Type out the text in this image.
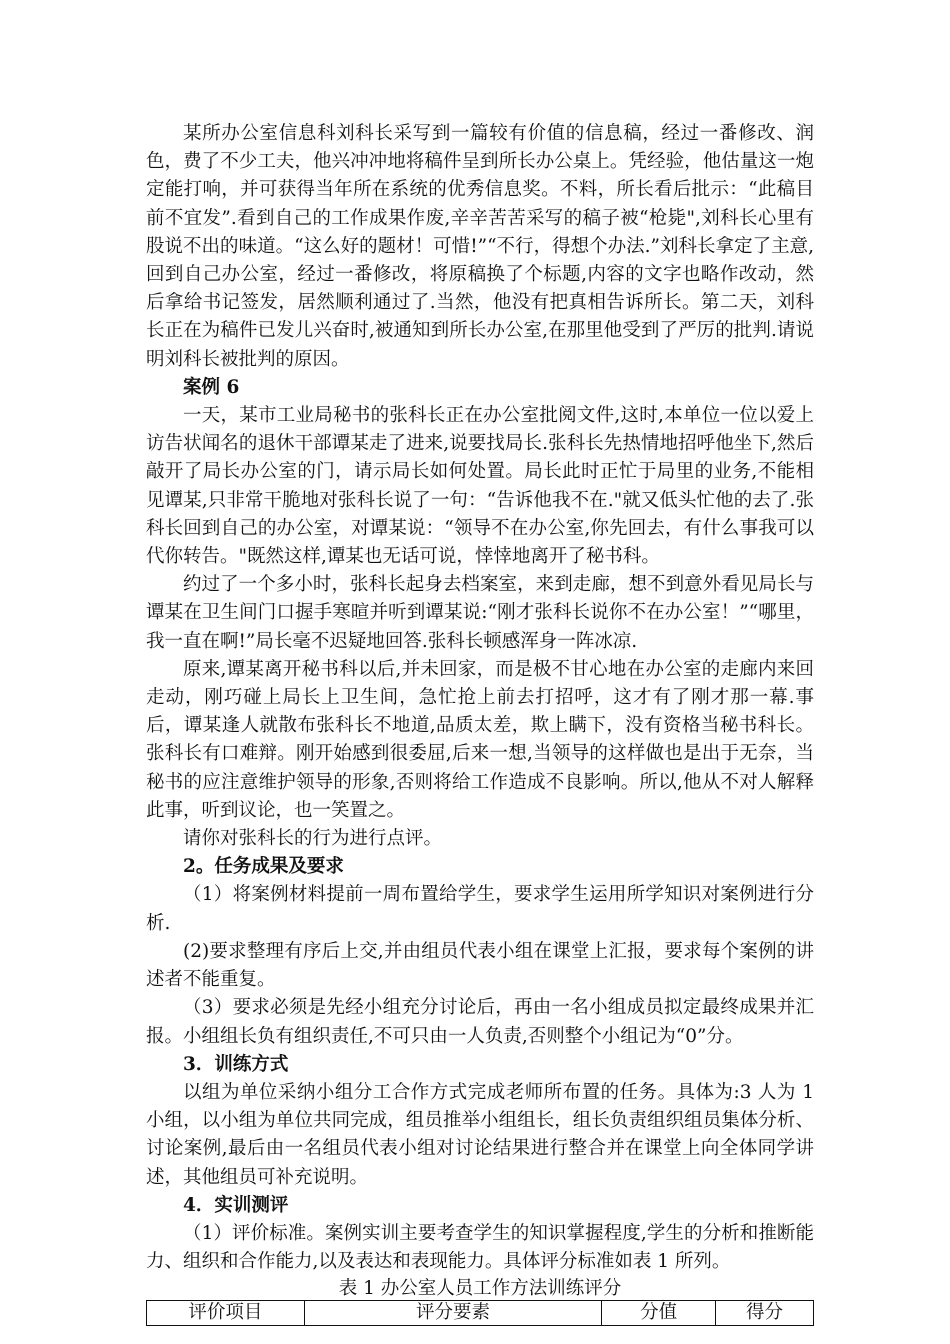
某所办公室信息科刘科长采写到一篇较有价值的信息稿，经过一番修改、润色，费了不少工夫，他兴冲冲地将稿件呈到所长办公桌上。凭经验，他估量这一炮定能打响，并可获得当年所在系统的优秀信息奖。不料，所长看后批示：“此稿目前不宜发”.看到自己的工作成果作废,辛辛苦苦采写的稿子被“枪毙",刘科长心里有股说不出的味道。“这么好的题材！可惜!”“不行，得想个办法.”刘科长拿定了主意,回到自己办公室，经过一番修改，将原稿换了个标题,内容的文字也略作改动，然后拿给书记签发，居然顺利通过了.当然，他没有把真相告诉所长。第二天，刘科长正在为稿件已发儿兴奋时,被通知到所长办公室,在那里他受到了严厉的批判.请说明刘科长被批判的原因。

案例 6

一天，某市工业局秘书的张科长正在办公室批阅文件,这时,本单位一位以爱上访告状闻名的退休干部谭某走了进来,说要找局长.张科长先热情地招呼他坐下,然后敲开了局长办公室的门，请示局长如何处置。局长此时正忙于局里的业务,不能相见谭某,只非常干脆地对张科长说了一句：“告诉他我不在."就又低头忙他的去了.张科长回到自己的办公室，对谭某说：“领导不在办公室,你先回去，有什么事我可以代你转告。"既然这样,谭某也无话可说，悻悻地离开了秘书科。

约过了一个多小时，张科长起身去档案室，来到走廊，想不到意外看见局长与谭某在卫生间门口握手寒暄并听到谭某说:“刚才张科长说你不在办公室！”“哪里，我一直在啊!”局长毫不迟疑地回答.张科长顿感浑身一阵冰凉.

原来,谭某离开秘书科以后,并未回家，而是极不甘心地在办公室的走廊内来回走动，刚巧碰上局长上卫生间，急忙抢上前去打招呼，这才有了刚才那一幕.事后，谭某逢人就散布张科长不地道,品质太差，欺上瞒下，没有资格当秘书科长。张科长有口难辩。刚开始感到很委屈,后来一想,当领导的这样做也是出于无奈，当秘书的应注意维护领导的形象,否则将给工作造成不良影响。所以,他从不对人解释此事，听到议论，也一笑置之。

请你对张科长的行为进行点评。

2。任务成果及要求

（1）将案例材料提前一周布置给学生，要求学生运用所学知识对案例进行分析.

(2)要求整理有序后上交,并由组员代表小组在课堂上汇报，要求每个案例的讲述者不能重复。

（3）要求必须是先经小组充分讨论后，再由一名小组成员拟定最终成果并汇报。小组组长负有组织责任,不可只由一人负责,否则整个小组记为“0”分。

3．训练方式

以组为单位采纳小组分工合作方式完成老师所布置的任务。具体为:3 人为 1 小组，以小组为单位共同完成，组员推举小组组长，组长负责组织组员集体分析、讨论案例,最后由一名组员代表小组对讨论结果进行整合并在课堂上向全体同学讲述，其他组员可补充说明。

4．实训测评

（1）评价标准。案例实训主要考查学生的知识掌握程度,学生的分析和推断能力、组织和合作能力,以及表达和表现能力。具体评分标准如表 1 所列。

表 1 办公室人员工作方法训练评分
评价项目	评分要素	分值	得分
